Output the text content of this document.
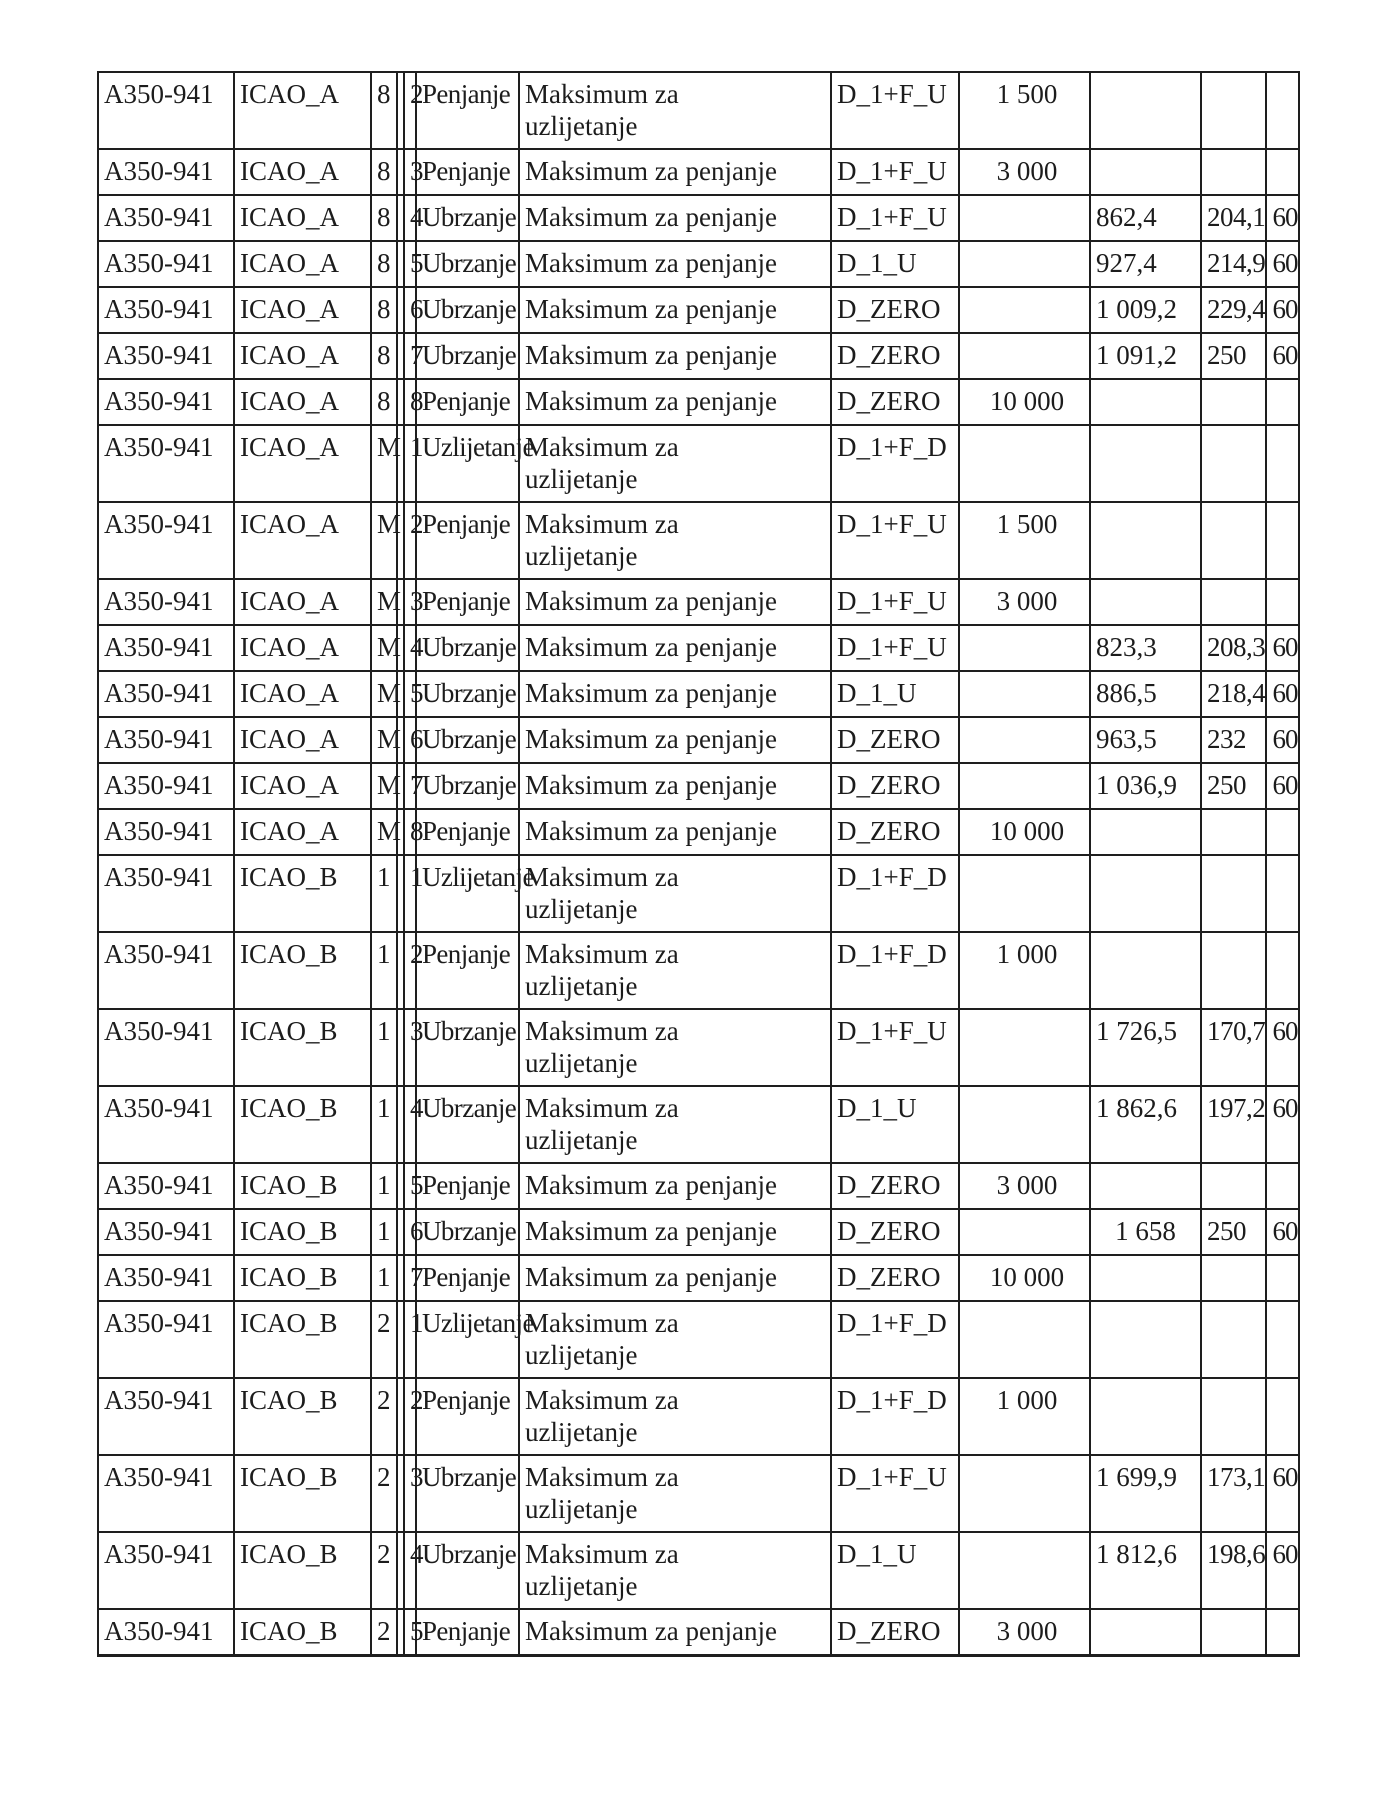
A350-941	ICAO_A	8		2	Penjanje	Maksimum za
uzlijetanje	D_1+F_U	1 500			
A350-941	ICAO_A	8		3	Penjanje	Maksimum za penjanje	D_1+F_U	3 000			
A350-941	ICAO_A	8		4	Ubrzanje	Maksimum za penjanje	D_1+F_U		862,4	204,1	60
A350-941	ICAO_A	8		5	Ubrzanje	Maksimum za penjanje	D_1_U		927,4	214,9	60
A350-941	ICAO_A	8		6	Ubrzanje	Maksimum za penjanje	D_ZERO		1 009,2	229,4	60
A350-941	ICAO_A	8		7	Ubrzanje	Maksimum za penjanje	D_ZERO		1 091,2	250	60
A350-941	ICAO_A	8		8	Penjanje	Maksimum za penjanje	D_ZERO	10 000			
A350-941	ICAO_A	M		1	Uzlijetanje	Maksimum za
uzlijetanje	D_1+F_D				
A350-941	ICAO_A	M		2	Penjanje	Maksimum za
uzlijetanje	D_1+F_U	1 500			
A350-941	ICAO_A	M		3	Penjanje	Maksimum za penjanje	D_1+F_U	3 000			
A350-941	ICAO_A	M		4	Ubrzanje	Maksimum za penjanje	D_1+F_U		823,3	208,3	60
A350-941	ICAO_A	M		5	Ubrzanje	Maksimum za penjanje	D_1_U		886,5	218,4	60
A350-941	ICAO_A	M		6	Ubrzanje	Maksimum za penjanje	D_ZERO		963,5	232	60
A350-941	ICAO_A	M		7	Ubrzanje	Maksimum za penjanje	D_ZERO		1 036,9	250	60
A350-941	ICAO_A	M		8	Penjanje	Maksimum za penjanje	D_ZERO	10 000			
A350-941	ICAO_B	1		1	Uzlijetanje	Maksimum za
uzlijetanje	D_1+F_D				
A350-941	ICAO_B	1		2	Penjanje	Maksimum za
uzlijetanje	D_1+F_D	1 000			
A350-941	ICAO_B	1		3	Ubrzanje	Maksimum za
uzlijetanje	D_1+F_U		1 726,5	170,7	60
A350-941	ICAO_B	1		4	Ubrzanje	Maksimum za
uzlijetanje	D_1_U		1 862,6	197,2	60
A350-941	ICAO_B	1		5	Penjanje	Maksimum za penjanje	D_ZERO	3 000			
A350-941	ICAO_B	1		6	Ubrzanje	Maksimum za penjanje	D_ZERO		1 658	250	60
A350-941	ICAO_B	1		7	Penjanje	Maksimum za penjanje	D_ZERO	10 000			
A350-941	ICAO_B	2		1	Uzlijetanje	Maksimum za
uzlijetanje	D_1+F_D				
A350-941	ICAO_B	2		2	Penjanje	Maksimum za
uzlijetanje	D_1+F_D	1 000			
A350-941	ICAO_B	2		3	Ubrzanje	Maksimum za
uzlijetanje	D_1+F_U		1 699,9	173,1	60
A350-941	ICAO_B	2		4	Ubrzanje	Maksimum za
uzlijetanje	D_1_U		1 812,6	198,6	60
A350-941	ICAO_B	2		5	Penjanje	Maksimum za penjanje	D_ZERO	3 000			
